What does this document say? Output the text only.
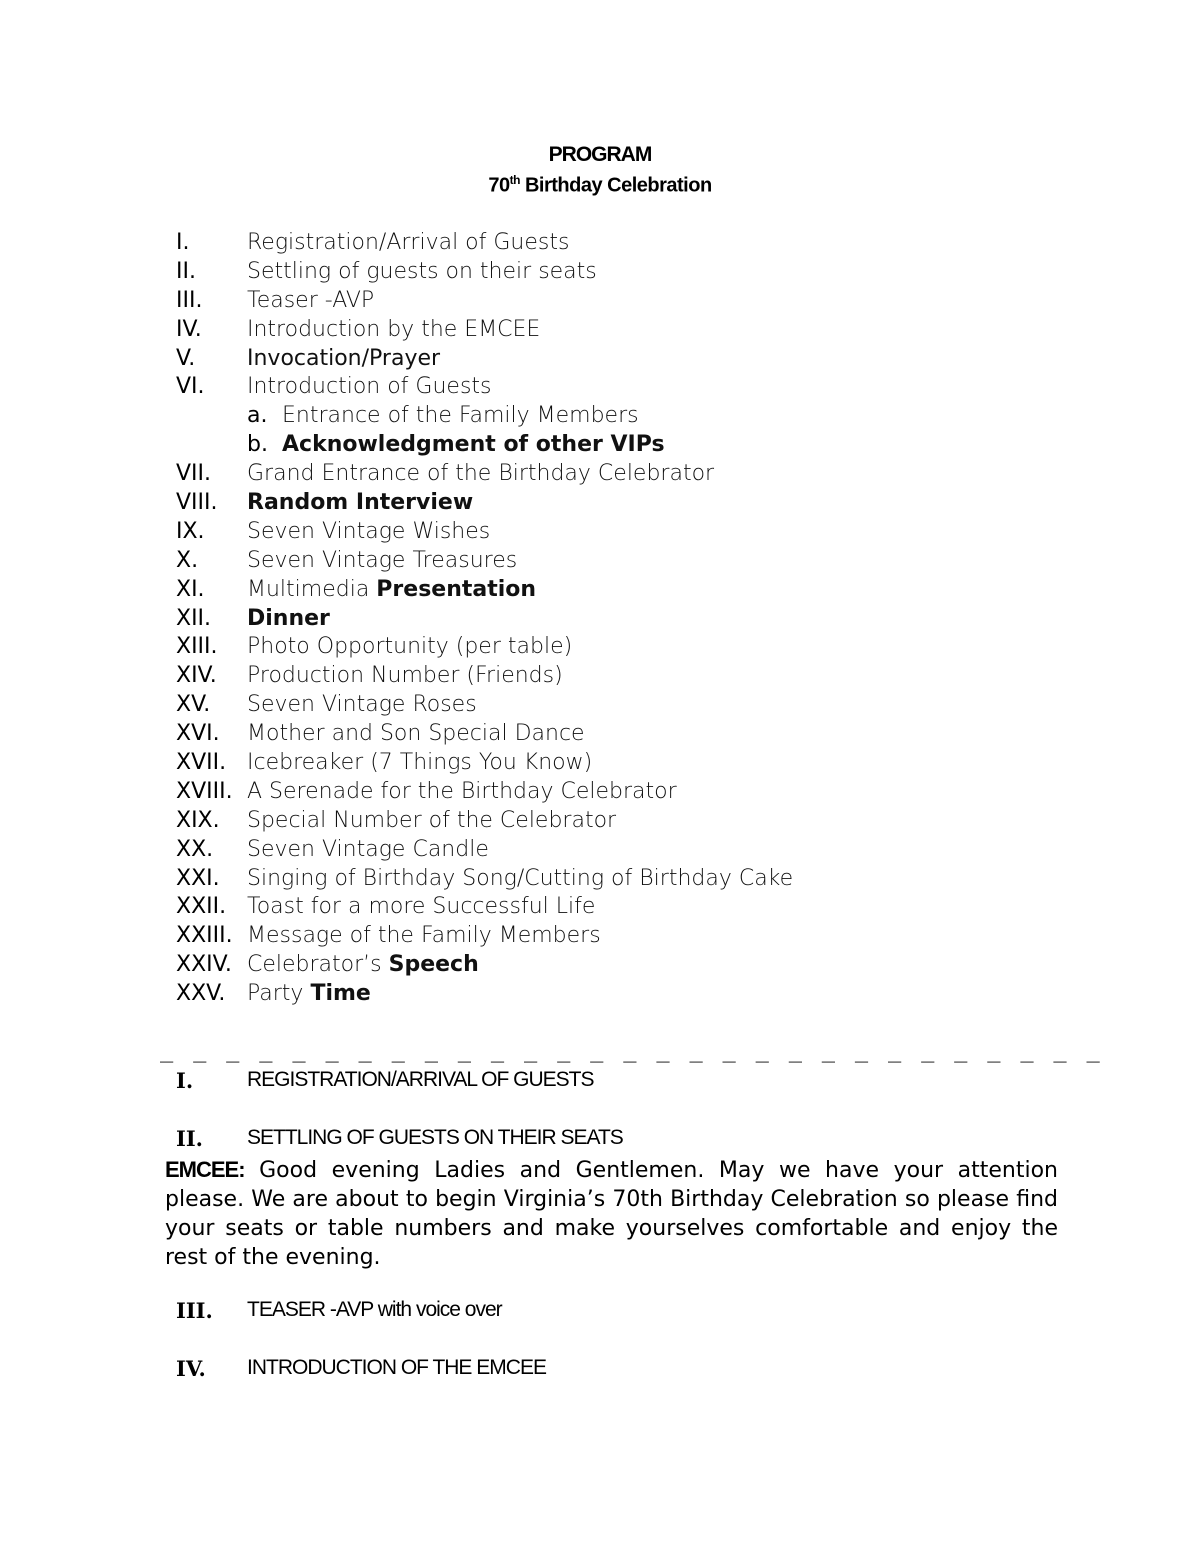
PROGRAM
70th Birthday Celebration
I.	Registration/Arrival of Guests
II. Settling of guests on their seats
III. Teaser -AVP
IV. Introduction by the EMCEE
V. Invocation/Prayer
VI. Introduction of Guests
a. Entrance of the Family Members
b. Acknowledgment of other VIPs
VII. Grand Entrance of the Birthday Celebrator
VIII. Random Interview
IX. Seven Vintage Wishes
X. Seven Vintage Treasures
XI. Multimedia Presentation
XII. Dinner
XIII. Photo Opportunity (per table)
XIV. Production Number (Friends)
XV. Seven Vintage Roses
XVI. Mother and Son Special Dance
XVII. Icebreaker (7 Things You Know)
XVIII. A Serenade for the Birthday Celebrator
XIX. Special Number of the Celebrator
XX. Seven Vintage Candle
XXI. Singing of Birthday Song/Cutting of Birthday Cake
XXII. Toast for a more Successful Life
XXIII. Message of the Family Members
XXIV. Celebrator’s Speech
XXV. Party Time
_ _ _ _ _ _ _ _ _ _ _ _ _ _ _ _ _ _ _ _ _ _ _ _ _ _ _ _ _
I.	REGISTRATION/ARRIVAL OF GUESTS
II. SETTLING OF GUESTS ON THEIR SEATS
EMCEE: Good evening Ladies and Gentlemen. May we have your attention please. We are about to begin Virginia’s 70th Birthday Celebration so please find your seats or table numbers and make yourselves comfortable and enjoy the rest of the evening.
III. TEASER -AVP with voice over
IV. INTRODUCTION OF THE EMCEE
